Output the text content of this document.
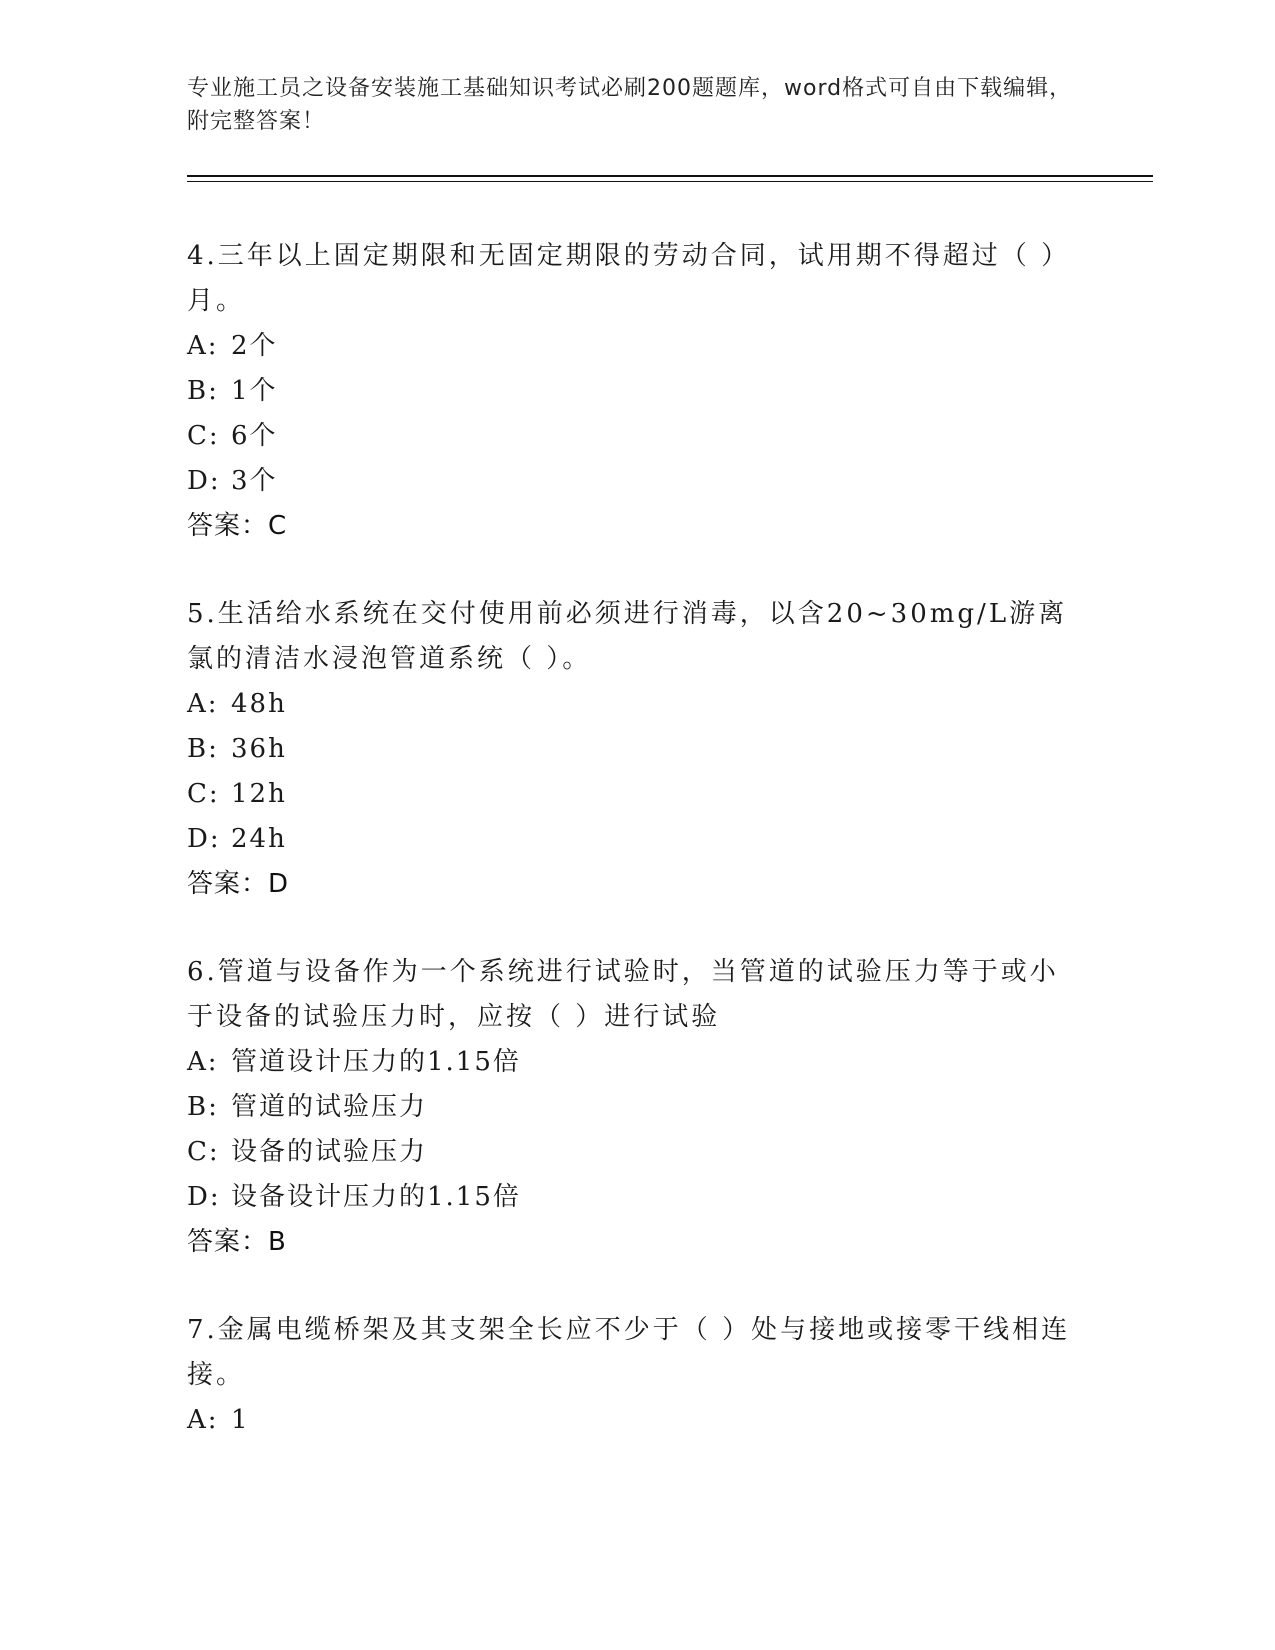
专业施工员之设备安装施工基础知识考试必刷200题题库，word格式可自由下载编辑，附完整答案！
4.三年以上固定期限和无固定期限的劳动合同，试用期不得超过（ ）月。
A: 2个
B: 1个
C: 6个
D: 3个
答案：C
5.生活给水系统在交付使用前必须进行消毒，以含20~30mg/L游离氯的清洁水浸泡管道系统（ ）。
A: 48h
B: 36h
C: 12h
D: 24h
答案：D
6.管道与设备作为一个系统进行试验时，当管道的试验压力等于或小于设备的试验压力时，应按（ ）进行试验
A: 管道设计压力的1.15倍
B: 管道的试验压力
C: 设备的试验压力
D: 设备设计压力的1.15倍
答案：B
7.金属电缆桥架及其支架全长应不少于（ ）处与接地或接零干线相连接。
A: 1
